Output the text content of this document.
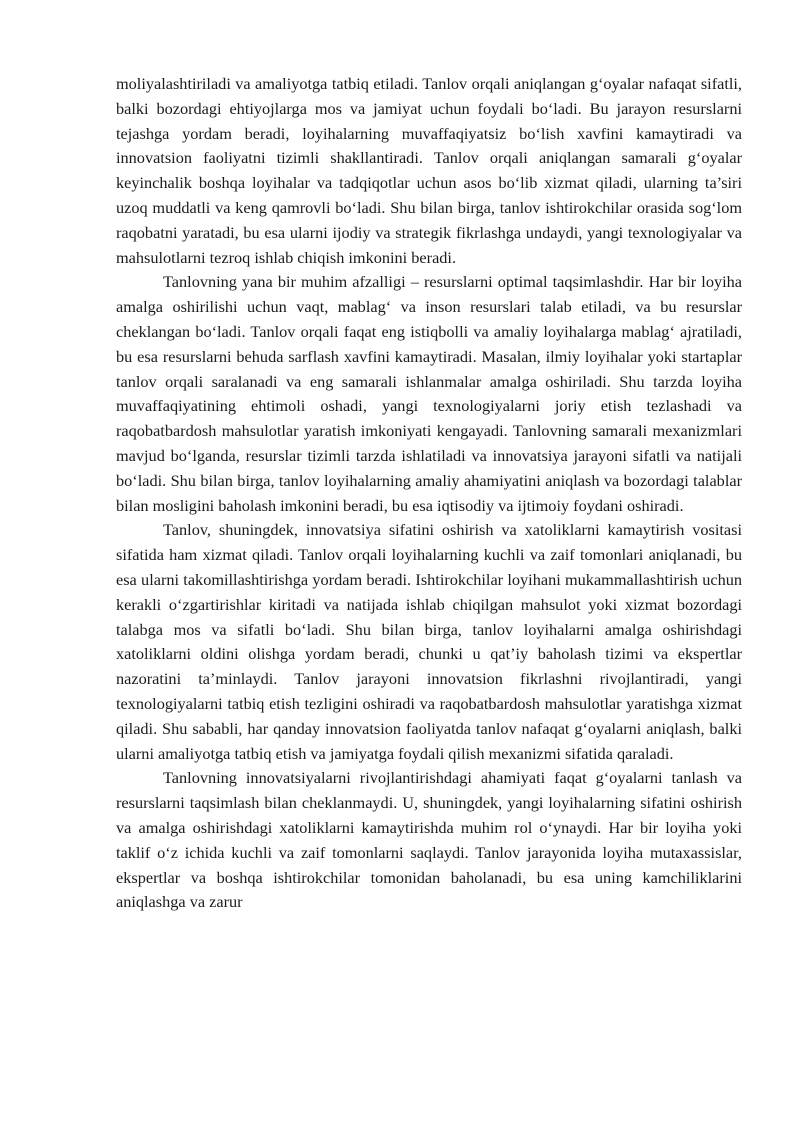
moliyalashtiriladi va amaliyotga tatbiq etiladi. Tanlov orqali aniqlangan g‘oyalar nafaqat sifatli, balki bozordagi ehtiyojlarga mos va jamiyat uchun foydali bo‘ladi. Bu jarayon resurslarni tejashga yordam beradi, loyihalarning muvaffaqiyatsiz bo‘lish xavfini kamaytiradi va innovatsion faoliyatni tizimli shakllantiradi. Tanlov orqali aniqlangan samarali g‘oyalar keyinchalik boshqa loyihalar va tadqiqotlar uchun asos bo‘lib xizmat qiladi, ularning ta’siri uzoq muddatli va keng qamrovli bo‘ladi. Shu bilan birga, tanlov ishtirokchilar orasida sog‘lom raqobatni yaratadi, bu esa ularni ijodiy va strategik fikrlashga undaydi, yangi texnologiyalar va mahsulotlarni tezroq ishlab chiqish imkonini beradi.

Tanlovning yana bir muhim afzalligi – resurslarni optimal taqsimlashdir. Har bir loyiha amalga oshirilishi uchun vaqt, mablag‘ va inson resurslari talab etiladi, va bu resurslar cheklangan bo‘ladi. Tanlov orqali faqat eng istiqbolli va amaliy loyihalarga mablag‘ ajratiladi, bu esa resurslarni behuda sarflash xavfini kamaytiradi. Masalan, ilmiy loyihalar yoki startaplar tanlov orqali saralanadi va eng samarali ishlanmalar amalga oshiriladi. Shu tarzda loyiha muvaffaqiyatining ehtimoli oshadi, yangi texnologiyalarni joriy etish tezlashadi va raqobatbardosh mahsulotlar yaratish imkoniyati kengayadi. Tanlovning samarali mexanizmlari mavjud bo‘lganda, resurslar tizimli tarzda ishlatiladi va innovatsiya jarayoni sifatli va natijali bo‘ladi. Shu bilan birga, tanlov loyihalarning amaliy ahamiyatini aniqlash va bozordagi talablar bilan mosligini baholash imkonini beradi, bu esa iqtisodiy va ijtimoiy foydani oshiradi.

Tanlov, shuningdek, innovatsiya sifatini oshirish va xatoliklarni kamaytirish vositasi sifatida ham xizmat qiladi. Tanlov orqali loyihalarning kuchli va zaif tomonlari aniqlanadi, bu esa ularni takomillashtirishga yordam beradi. Ishtirokchilar loyihani mukammallashtirish uchun kerakli o‘zgartirishlar kiritadi va natijada ishlab chiqilgan mahsulot yoki xizmat bozordagi talabga mos va sifatli bo‘ladi. Shu bilan birga, tanlov loyihalarni amalga oshirishdagi xatoliklarni oldini olishga yordam beradi, chunki u qat’iy baholash tizimi va ekspertlar nazoratini ta’minlaydi. Tanlov jarayoni innovatsion fikrlashni rivojlantiradi, yangi texnologiyalarni tatbiq etish tezligini oshiradi va raqobatbardosh mahsulotlar yaratishga xizmat qiladi. Shu sababli, har qanday innovatsion faoliyatda tanlov nafaqat g‘oyalarni aniqlash, balki ularni amaliyotga tatbiq etish va jamiyatga foydali qilish mexanizmi sifatida qaraladi.

Tanlovning innovatsiyalarni rivojlantirishdagi ahamiyati faqat g‘oyalarni tanlash va resurslarni taqsimlash bilan cheklanmaydi. U, shuningdek, yangi loyihalarning sifatini oshirish va amalga oshirishdagi xatoliklarni kamaytirishda muhim rol o‘ynaydi. Har bir loyiha yoki taklif o‘z ichida kuchli va zaif tomonlarni saqlaydi. Tanlov jarayonida loyiha mutaxassislar, ekspertlar va boshqa ishtirokchilar tomonidan baholanadi, bu esa uning kamchiliklarini aniqlashga va zarur
